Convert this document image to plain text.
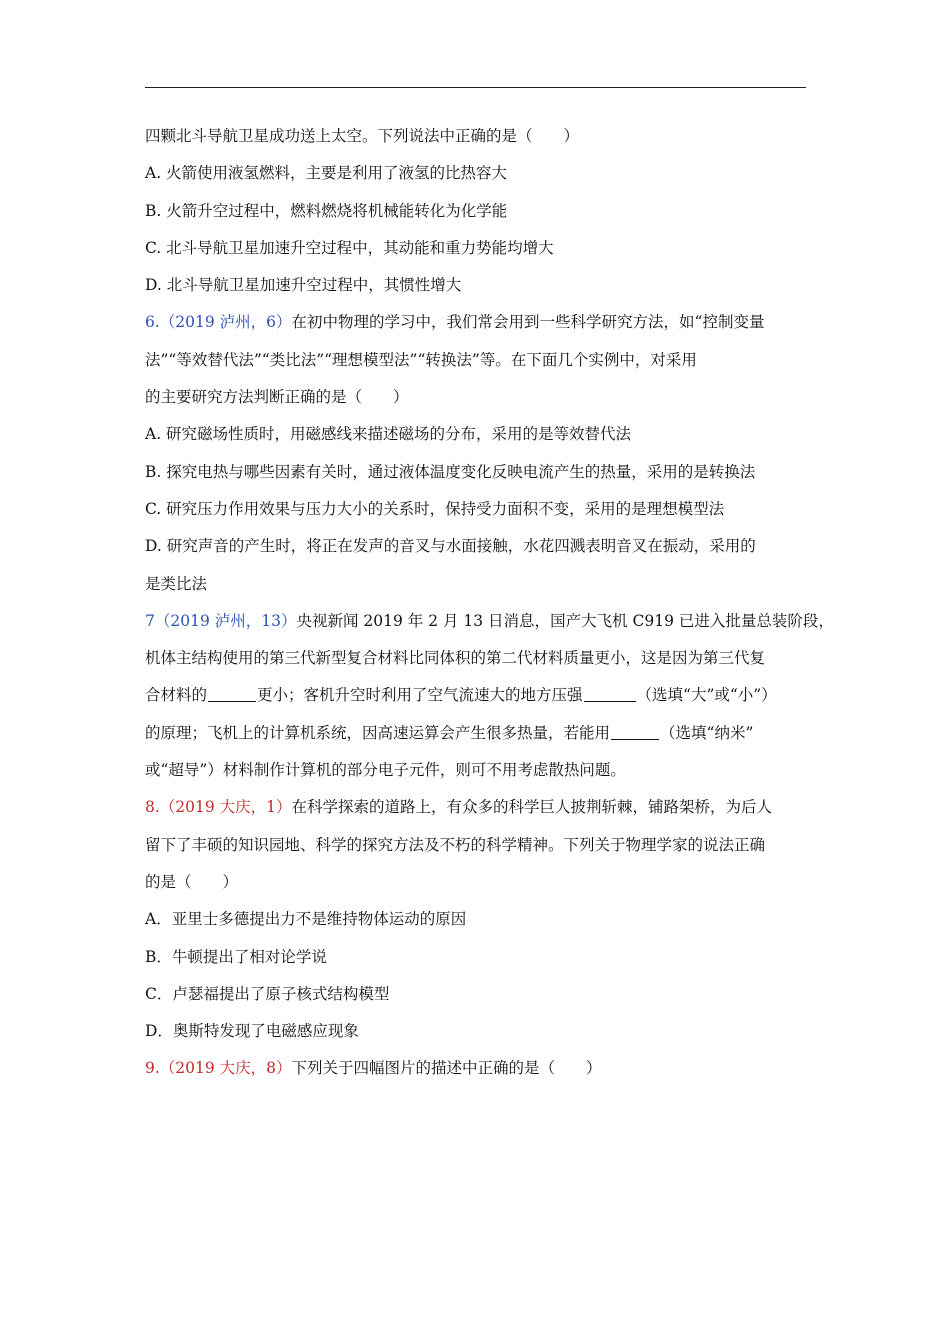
四颗北斗导航卫星成功送上太空。下列说法中正确的是（　　）
A. 火箭使用液氢燃料，主要是利用了液氢的比热容大
B. 火箭升空过程中，燃料燃烧将机械能转化为化学能
C. 北斗导航卫星加速升空过程中，其动能和重力势能均增大
D. 北斗导航卫星加速升空过程中，其惯性增大
6.（2019 泸州，6）在初中物理的学习中，我们常会用到一些科学研究方法，如“控制变量
法”“等效替代法”“类比法”“理想模型法”“转换法”等。在下面几个实例中，对采用
的主要研究方法判断正确的是（　　）
A. 研究磁场性质时，用磁感线来描述磁场的分布，采用的是等效替代法
B. 探究电热与哪些因素有关时，通过液体温度变化反映电流产生的热量，采用的是转换法
C. 研究压力作用效果与压力大小的关系时，保持受力面积不变，采用的是理想模型法
D. 研究声音的产生时，将正在发声的音叉与水面接触，水花四溅表明音叉在振动，采用的
是类比法
7（2019 泸州，13）央视新闻 2019 年 2 月 13 日消息，国产大飞机 C919 已进入批量总装阶段，
机体主结构使用的第三代新型复合材料比同体积的第二代材料质量更小，这是因为第三代复
合材料的	更小；客机升空时利用了空气流速大的地方压强	（选填“大”或“小”）
的原理；飞机上的计算机系统，因高速运算会产生很多热量，若能用	（选填“纳米”
或“超导”）材料制作计算机的部分电子元件，则可不用考虑散热问题。
8.（2019 大庆，1）在科学探索的道路上，有众多的科学巨人披荆斩棘，铺路架桥，为后人
留下了丰硕的知识园地、科学的探究方法及不朽的科学精神。下列关于物理学家的说法正确
的是（　　）
A．亚里士多德提出力不是维持物体运动的原因
B．牛顿提出了相对论学说
C．卢瑟福提出了原子核式结构模型
D．奥斯特发现了电磁感应现象
9.（2019 大庆，8）下列关于四幅图片的描述中正确的是（　　）
